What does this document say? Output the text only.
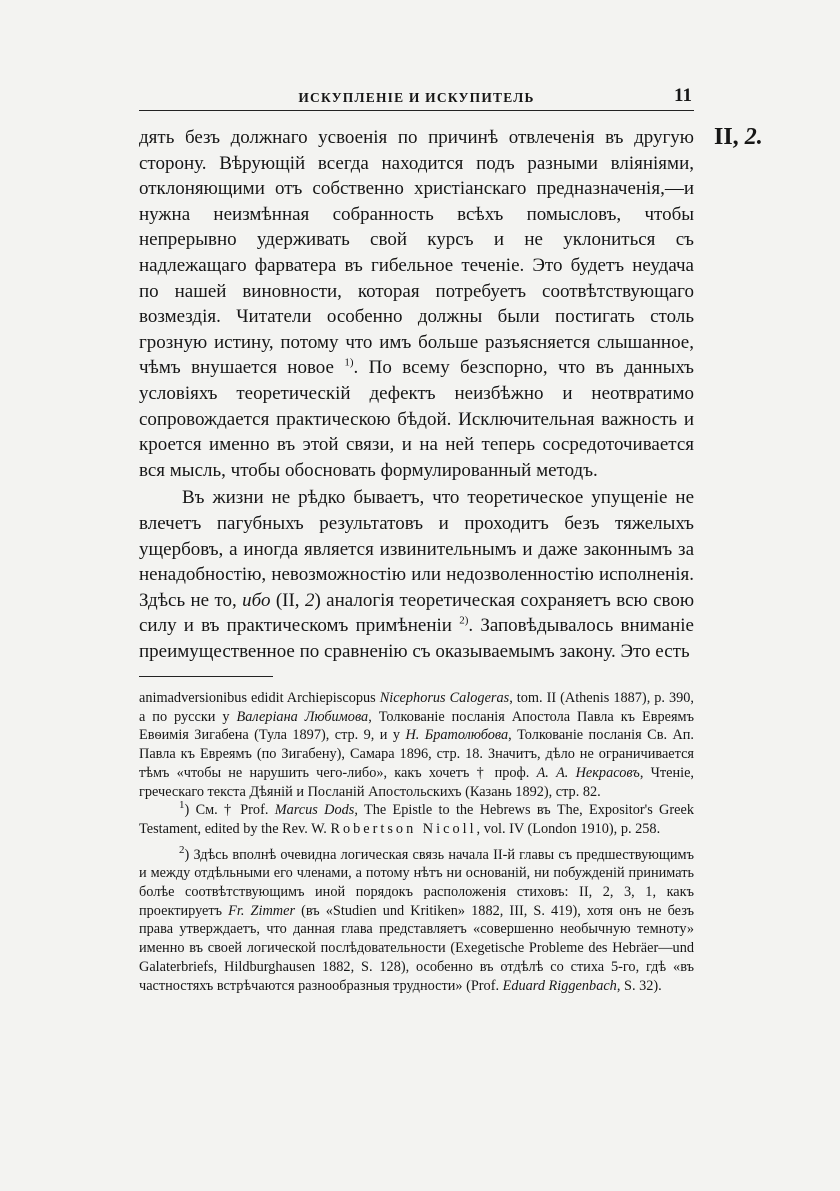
ИСКУПЛЕНІЕ И ИСКУПИТЕЛЬ	11
II, 2.

дять безъ должнаго усвоенія по причинѣ отвлеченія въ другую сторону. Вѣрующій всегда находится подъ разными вліяніями, отклоняющими отъ собственно христіанскаго предназначенія,—и нужна неизмѣнная собранность всѣхъ помысловъ, чтобы непрерывно удерживать свой курсъ и не уклониться съ надлежащаго фарватера въ гибельное теченіе. Это будетъ неудача по нашей виновности, которая потребуетъ соотвѣтствующаго возмездія. Читатели особенно должны были постигать столь грозную истину, потому что имъ больше разъясняется слышанное, чѣмъ внушается новое $^{1)}$. По всему безспорно, что въ данныхъ условіяхъ теоретическій дефектъ неизбѣжно и неотвратимо сопровождается практическою бѣдой. Исключительная важность и кроется именно въ этой связи, и на ней теперь сосредоточивается вся мысль, чтобы обосновать формулированный методъ.

Въ жизни не рѣдко бываетъ, что теоретическое упущеніе не влечетъ пагубныхъ результатовъ и проходитъ безъ тяжелыхъ ущербовъ, а иногда является извинительнымъ и даже законнымъ за ненадобностію, невозможностію или недозволенностію исполненія. Здѣсь не то, ибо (II, 2) аналогія теоретическая сохраняетъ всю свою силу и въ практическомъ примѣненіи $^{2)}$. Заповѣдывалось вниманіе преимущественное по сравненію съ оказываемымъ закону. Это есть

animadversionibus edidit Archiepiscopus Nicephorus Calogeras, tom. II (Athenis 1887), p. 390, а по русски у Валеріана Любимова, Толкованіе посланія Апостола Павла къ Евреямъ Евѳимія Зигабена (Тула 1897), стр. 9, и у Н. Братолюбова, Толкованіе посланія Св. Ап. Павла къ Евреямъ (по Зигабену), Самара 1896, стр. 18. Значитъ, дѣло не ограничивается тѣмъ «чтобы не нарушить чего-либо», какъ хочетъ † проф. А. А. Некрасовъ, Чтеніе, греческаго текста Дѣяній и Посланій Апостольскихъ (Казань 1892), стр. 82.

$^1$) См. † Prof. Marcus Dods, The Epistle to the Hebrews въ The, Expositor's Greek Testament, edited by the Rev. W. Robertson Nicoll, vol. IV (London 1910), p. 258.

$^2$) Здѣсь вполнѣ очевидна логическая связь начала II-й главы съ предшествующимъ и между отдѣльными его членами, а потому нѣтъ ни основаній, ни побужденій принимать болѣе соотвѣтствующимъ иной порядокъ расположенія стиховъ: II, 2, 3, 1, какъ проектируетъ Fr. Zimmer (въ «Studien und Kritiken» 1882, III, S. 419), хотя онъ не безъ права утверждаетъ, что данная глава представляетъ «совершенно необычную темноту» именно въ своей логической послѣдовательности (Exegetische Probleme des Hebräer—und Galaterbriefs, Hildburghausen 1882, S. 128), особенно въ отдѣлѣ со стиха 5-го, гдѣ «въ частностяхъ встрѣчаются разнообразныя трудности» (Prof. Eduard Riggenbach, S. 32).
